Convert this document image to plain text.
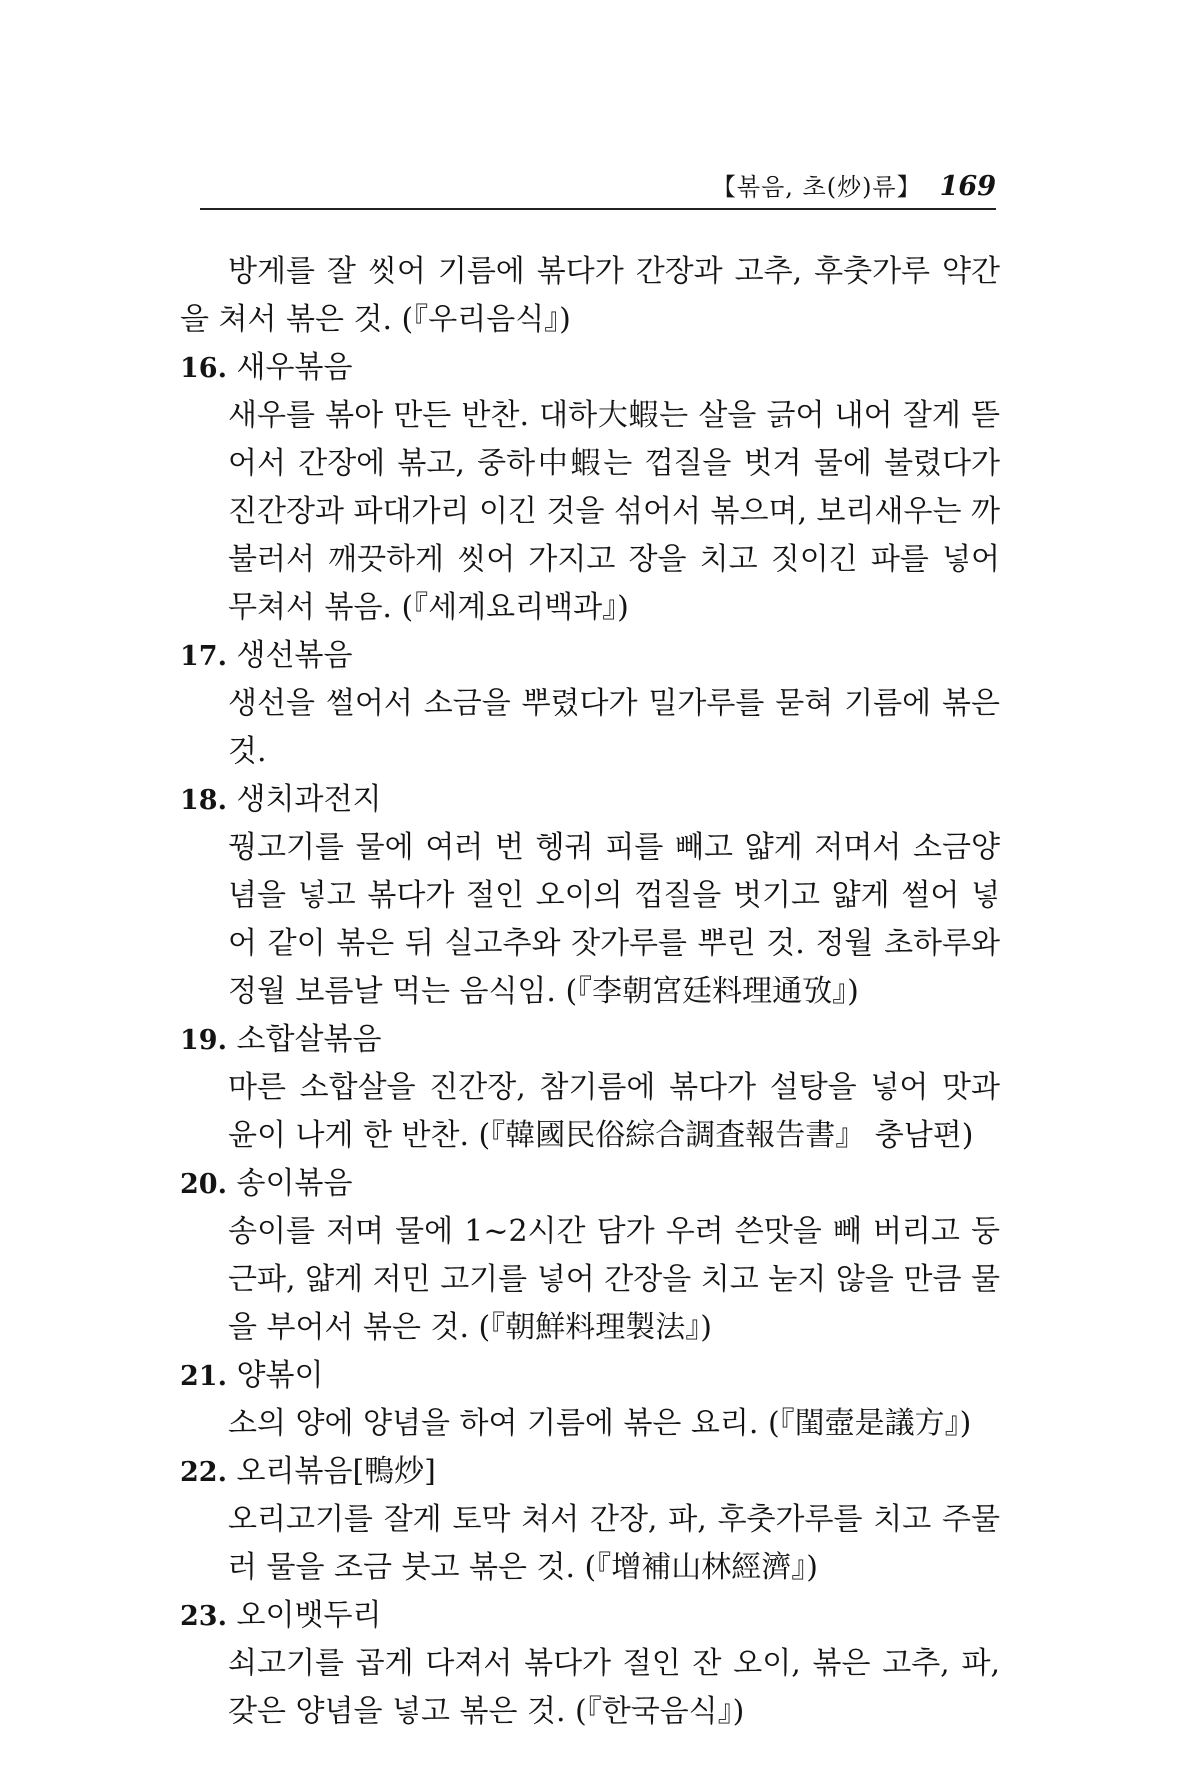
【볶음, 초(炒)류】 169

방게를 잘 씻어 기름에 볶다가 간장과 고추, 후춧가루 약간을 쳐서 볶은 것. (『우리음식』)

16. 새우볶음

새우를 볶아 만든 반찬. 대하大蝦는 살을 긁어 내어 잘게 뜯어서 간장에 볶고, 중하中蝦는 껍질을 벗겨 물에 불렸다가 진간장과 파대가리 이긴 것을 섞어서 볶으며, 보리새우는 까불러서 깨끗하게 씻어 가지고 장을 치고 짓이긴 파를 넣어 무쳐서 볶음. (『세계요리백과』)

17. 생선볶음

생선을 썰어서 소금을 뿌렸다가 밀가루를 묻혀 기름에 볶은 것.

18. 생치과전지

꿩고기를 물에 여러 번 헹궈 피를 빼고 얇게 저며서 소금양념을 넣고 볶다가 절인 오이의 껍질을 벗기고 얇게 썰어 넣어 같이 볶은 뒤 실고추와 잣가루를 뿌린 것. 정월 초하루와 정월 보름날 먹는 음식임. (『李朝宮廷料理通攷』)

19. 소합살볶음

마른 소합살을 진간장, 참기름에 볶다가 설탕을 넣어 맛과 윤이 나게 한 반찬. (『韓國民俗綜合調査報告書』 충남편)

20. 송이볶음

송이를 저며 물에 1~2시간 담가 우려 쓴맛을 빼 버리고 둥근파, 얇게 저민 고기를 넣어 간장을 치고 눋지 않을 만큼 물을 부어서 볶은 것. (『朝鮮料理製法』)

21. 양볶이

소의 양에 양념을 하여 기름에 볶은 요리. (『閨壼是議方』)

22. 오리볶음[鴨炒]

오리고기를 잘게 토막 쳐서 간장, 파, 후춧가루를 치고 주물러 물을 조금 붓고 볶은 것. (『增補山林經濟』)

23. 오이뱃두리

쇠고기를 곱게 다져서 볶다가 절인 잔 오이, 볶은 고추, 파, 갖은 양념을 넣고 볶은 것. (『한국음식』)
